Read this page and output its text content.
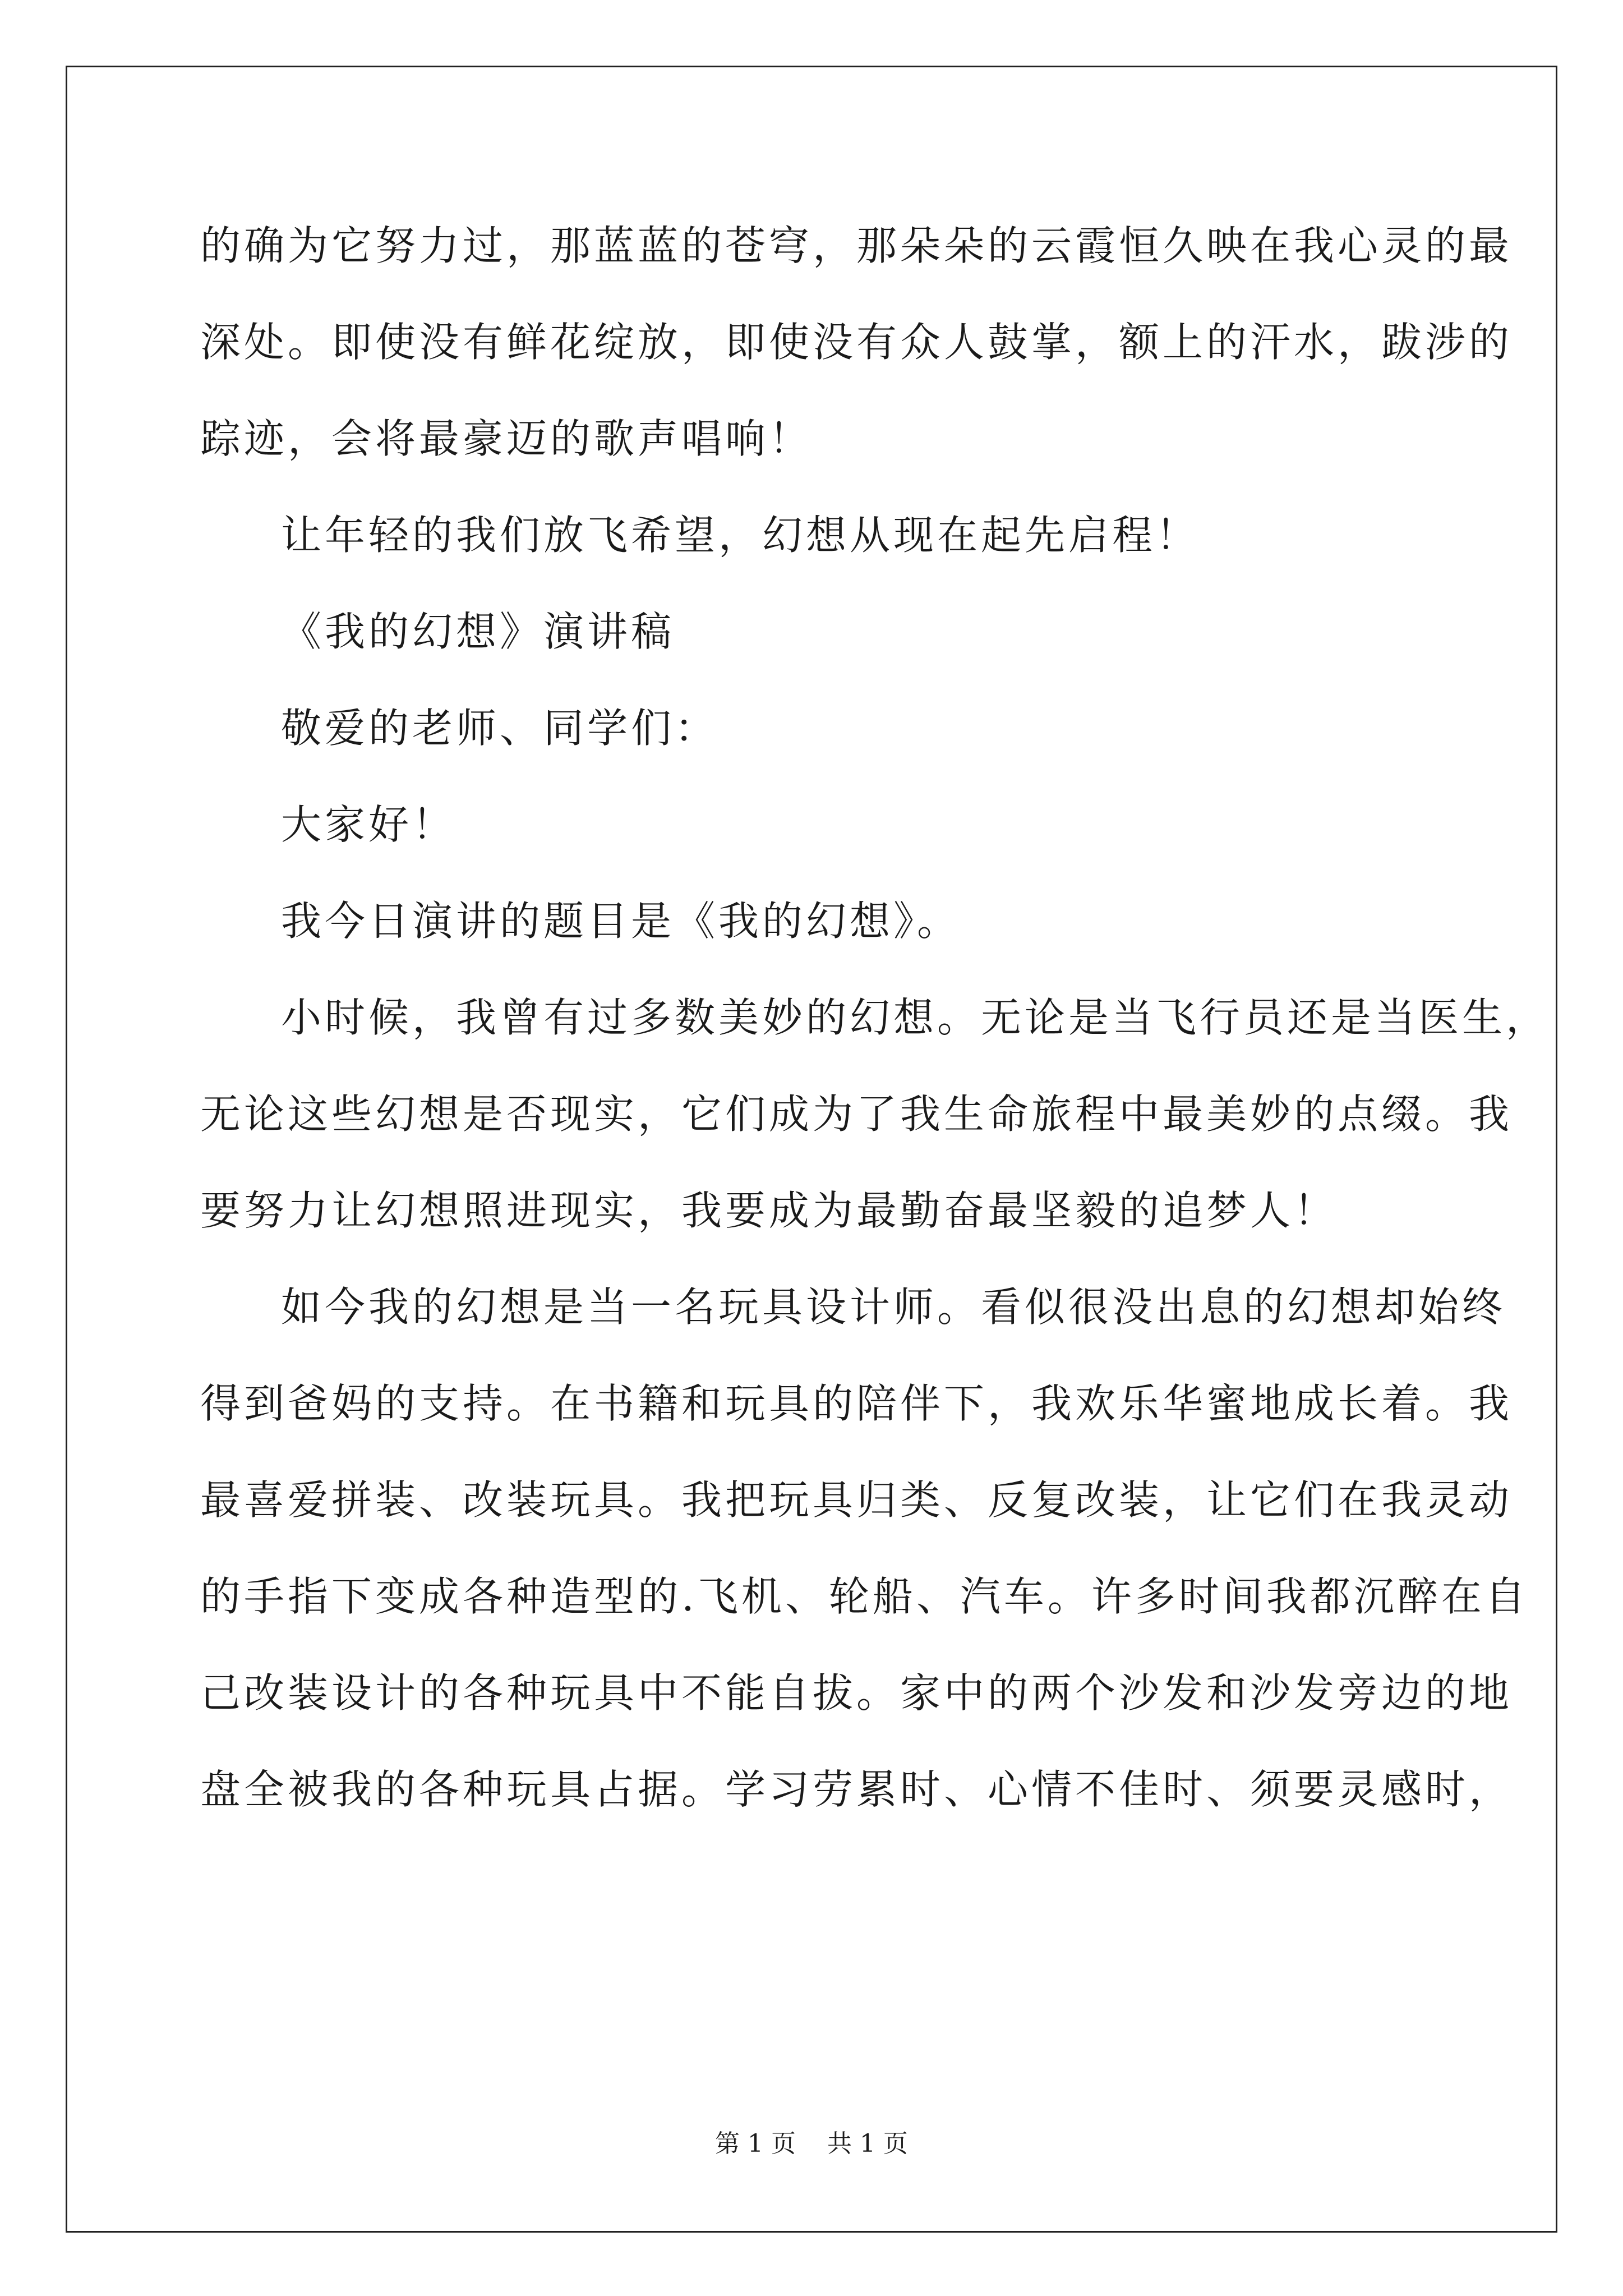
的确为它努力过，那蓝蓝的苍穹，那朵朵的云霞恒久映在我心灵的最

深处。即使没有鲜花绽放，即使没有众人鼓掌，额上的汗水，跋涉的

踪迹，会将最豪迈的歌声唱响！

让年轻的我们放飞希望，幻想从现在起先启程！

《我的幻想》演讲稿

敬爱的老师、同学们：

大家好！

我今日演讲的题目是《我的幻想》。

小时候，我曾有过多数美妙的幻想。无论是当飞行员还是当医生，

无论这些幻想是否现实，它们成为了我生命旅程中最美妙的点缀。我

要努力让幻想照进现实，我要成为最勤奋最坚毅的追梦人！

如今我的幻想是当一名玩具设计师。看似很没出息的幻想却始终

得到爸妈的支持。在书籍和玩具的陪伴下，我欢乐华蜜地成长着。我

最喜爱拼装、改装玩具。我把玩具归类、反复改装，让它们在我灵动

的手指下变成各种造型的.飞机、轮船、汽车。许多时间我都沉醉在自

己改装设计的各种玩具中不能自拔。家中的两个沙发和沙发旁边的地

盘全被我的各种玩具占据。学习劳累时、心情不佳时、须要灵感时，

第 1 页    共 1 页
